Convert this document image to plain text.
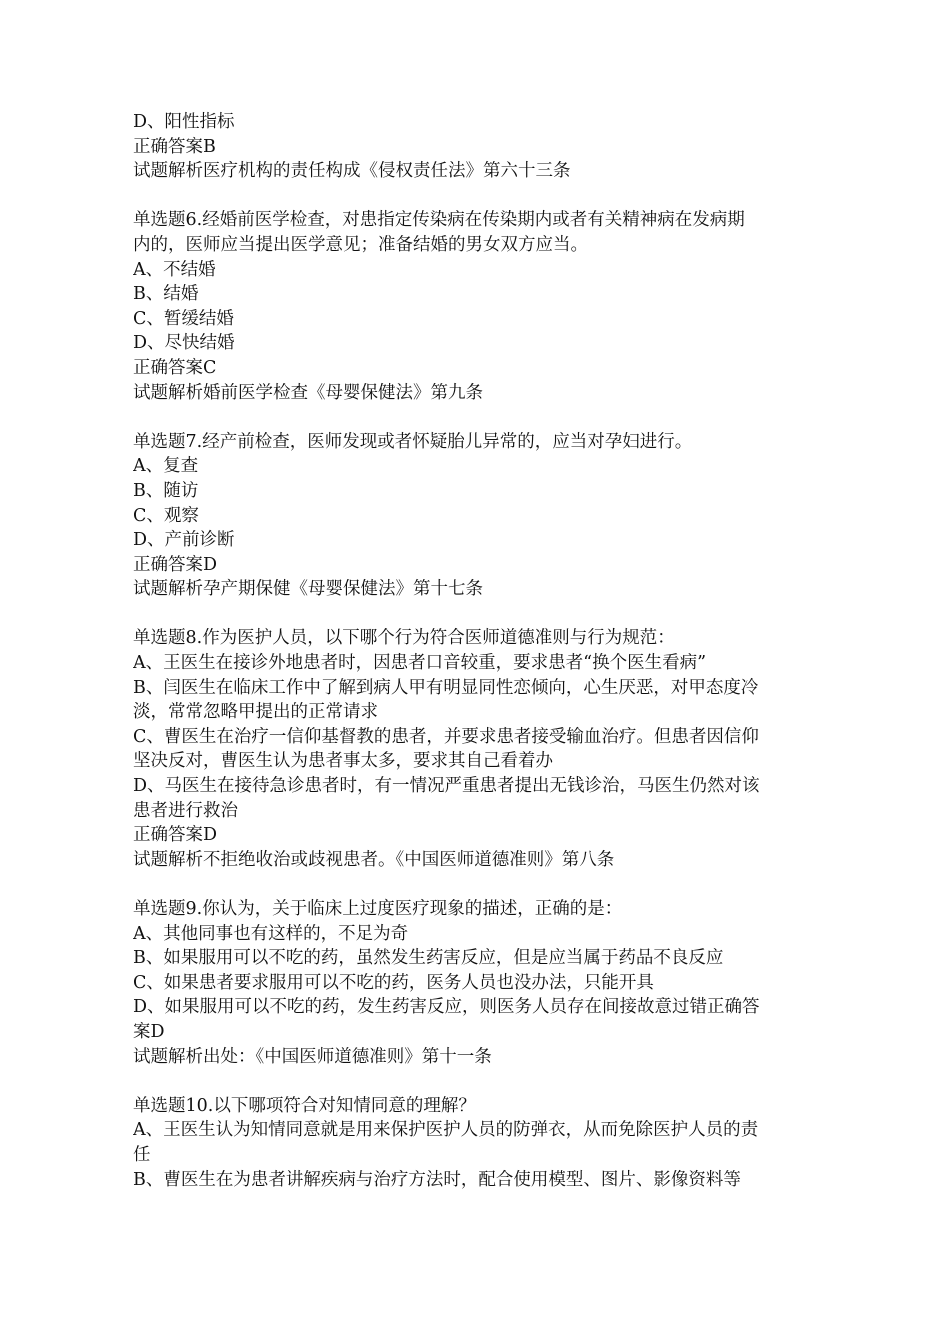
D、阳性指标
正确答案B
试题解析医疗机构的责任构成《侵权责任法》第六十三条
单选题6.经婚前医学检查，对患指定传染病在传染期内或者有关精神病在发病期
内的，医师应当提出医学意见；准备结婚的男女双方应当。
A、不结婚
B、结婚
C、暂缓结婚
D、尽快结婚
正确答案C
试题解析婚前医学检查《母婴保健法》第九条
单选题7.经产前检查，医师发现或者怀疑胎儿异常的，应当对孕妇进行。
A、复查
B、随访
C、观察
D、产前诊断
正确答案D
试题解析孕产期保健《母婴保健法》第十七条
单选题8.作为医护人员，以下哪个行为符合医师道德准则与行为规范：
A、王医生在接诊外地患者时，因患者口音较重，要求患者“换个医生看病”
B、闫医生在临床工作中了解到病人甲有明显同性恋倾向，心生厌恶，对甲态度冷
淡，常常忽略甲提出的正常请求
C、曹医生在治疗一信仰基督教的患者，并要求患者接受输血治疗。但患者因信仰
坚决反对，曹医生认为患者事太多，要求其自己看着办
D、马医生在接待急诊患者时，有一情况严重患者提出无钱诊治，马医生仍然对该
患者进行救治
正确答案D
试题解析不拒绝收治或歧视患者。《中国医师道德准则》第八条
单选题9.你认为，关于临床上过度医疗现象的描述，正确的是：
A、其他同事也有这样的，不足为奇
B、如果服用可以不吃的药，虽然发生药害反应，但是应当属于药品不良反应
C、如果患者要求服用可以不吃的药，医务人员也没办法，只能开具
D、如果服用可以不吃的药，发生药害反应，则医务人员存在间接故意过错正确答
案D
试题解析出处：《中国医师道德准则》第十一条
单选题10.以下哪项符合对知情同意的理解？
A、王医生认为知情同意就是用来保护医护人员的防弹衣，从而免除医护人员的责
任
B、曹医生在为患者讲解疾病与治疗方法时，配合使用模型、图片、影像资料等
